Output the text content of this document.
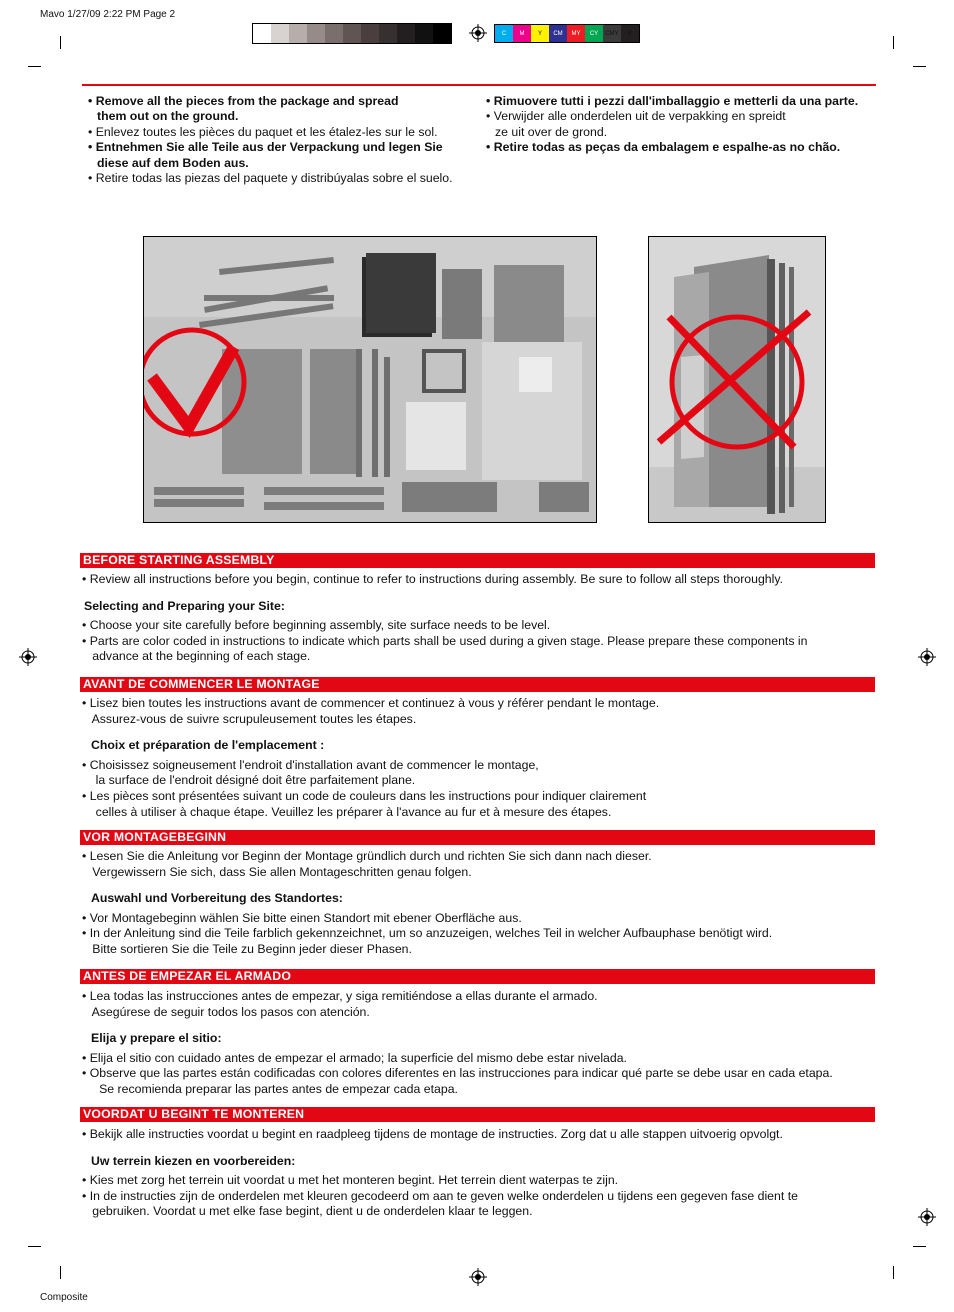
Mavo 1/27/09 2:22 PM Page 2
Composite
C	M	Y	CM	MY	CY	CMY	K

• Remove all the pieces from the package and spread

them out on the ground.

• Enlevez toutes les pièces du paquet et les étalez-les sur le sol.

• Entnehmen Sie alle Teile aus der Verpackung und legen Sie

diese auf dem Boden aus.

• Retire todas las piezas del paquete y distribúyalas sobre el suelo.

• Rimuovere tutti i pezzi dall'imballaggio e metterli da una parte.

• Verwijder alle onderdelen uit de verpakking en spreidt

ze uit over de grond.

• Retire todas as peças da embalagem e espalhe-as no chão.

BEFORE STARTING ASSEMBLY

• Review all instructions before you begin, continue to refer to instructions during assembly. Be sure to follow all steps thoroughly.

Selecting and Preparing your Site:

• Choose your site carefully before beginning assembly, site surface needs to be level.

• Parts are color coded in instructions to indicate which parts shall be used during a given stage. Please prepare these components in

advance at the beginning of each stage.

AVANT DE COMMENCER LE MONTAGE

• Lisez bien toutes les instructions avant de commencer et continuez à vous y référer pendant le montage.

Assurez-vous de suivre scrupuleusement toutes les étapes.

Choix et préparation de l'emplacement :

• Choisissez soigneusement l'endroit d'installation avant de commencer le montage,

la surface de l'endroit désigné doit être parfaitement plane.

• Les pièces sont présentées suivant un code de couleurs dans les instructions pour indiquer clairement

celles à utiliser à chaque étape. Veuillez les préparer à l'avance au fur et à mesure des étapes.

VOR MONTAGEBEGINN

• Lesen Sie die Anleitung vor Beginn der Montage gründlich durch und richten Sie sich dann nach dieser.

Vergewissern Sie sich, dass Sie allen Montageschritten genau folgen.

Auswahl und Vorbereitung des Standortes:

• Vor Montagebeginn wählen Sie bitte einen Standort mit ebener Oberfläche aus.

• In der Anleitung sind die Teile farblich gekennzeichnet, um so anzuzeigen, welches Teil in welcher Aufbauphase benötigt wird.

Bitte sortieren Sie die Teile zu Beginn jeder dieser Phasen.

ANTES DE EMPEZAR EL ARMADO

• Lea todas las instrucciones antes de empezar, y siga remitiéndose a ellas durante el armado.

Asegúrese de seguir todos los pasos con atención.

Elija y prepare el sitio:

• Elija el sitio con cuidado antes de empezar el armado; la superficie del mismo debe estar nivelada.

• Observe que las partes están codificadas con colores diferentes en las instrucciones para indicar qué parte se debe usar en cada etapa.

Se recomienda preparar las partes antes de empezar cada etapa.

VOORDAT U BEGINT TE MONTEREN

• Bekijk alle instructies voordat u begint en raadpleeg tijdens de montage de instructies. Zorg dat u alle stappen uitvoerig opvolgt.

Uw terrein kiezen en voorbereiden:

• Kies met zorg het terrein uit voordat u met het monteren begint. Het terrein dient waterpas te zijn.

• In de instructies zijn de onderdelen met kleuren gecodeerd om aan te geven welke onderdelen u tijdens een gegeven fase dient te

gebruiken. Voordat u met elke fase begint, dient u de onderdelen klaar te leggen.
